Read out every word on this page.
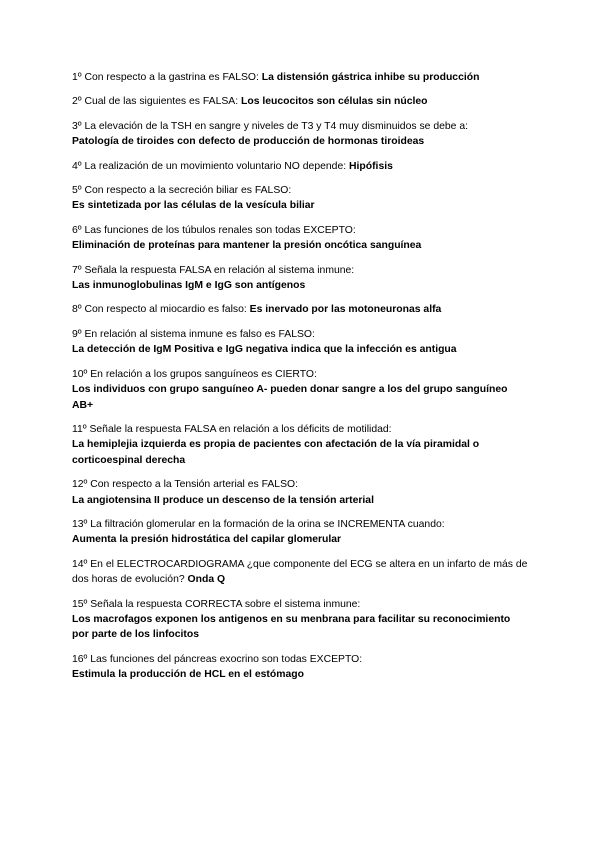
1º Con respecto a la gastrina es FALSO: La distensión gástrica inhibe su producción

2º Cual de las siguientes es FALSA: Los leucocitos son células sin núcleo

3º La elevación de la TSH en sangre y niveles de T3 y T4 muy disminuidos se debe a:
Patología de tiroides con defecto de producción de hormonas tiroideas

4º La realización de un movimiento voluntario NO depende: Hipófisis

5º Con respecto a la secreción biliar es FALSO:
Es sintetizada por las células de la vesícula biliar

6º Las funciones de los túbulos renales son todas EXCEPTO:
Eliminación de proteínas para mantener la presión oncótica sanguínea

7º Señala la respuesta FALSA en relación al sistema inmune:
Las inmunoglobulinas IgM e IgG son antígenos

8º Con respecto al miocardio es falso: Es inervado por las motoneuronas alfa

9º En relación al sistema inmune es falso es FALSO:
La detección de IgM Positiva e IgG negativa indica que la infección es antigua

10º En relación a los grupos sanguíneos es CIERTO:
Los individuos con grupo sanguíneo A- pueden donar sangre a los del grupo sanguíneo AB+

11º Señale la respuesta FALSA en relación a los déficits de motilidad:
La hemiplejia izquierda es propia de pacientes con afectación de la vía piramidal o corticoespinal derecha

12º Con respecto a la Tensión arterial es FALSO:
La angiotensina II produce un descenso de la tensión arterial

13º La filtración glomerular en la formación de la orina se INCREMENTA cuando:
Aumenta la presión hidrostática del capilar glomerular

14º En el ELECTROCARDIOGRAMA ¿que componente del ECG se altera en un infarto de más de dos horas de evolución? Onda Q

15º Señala la respuesta CORRECTA sobre el sistema inmune:
Los macrofagos exponen los antigenos en su menbrana para facilitar su reconocimiento por parte de los linfocitos

16º Las funciones del páncreas exocrino son todas EXCEPTO:
Estimula la producción de HCL en el estómago
